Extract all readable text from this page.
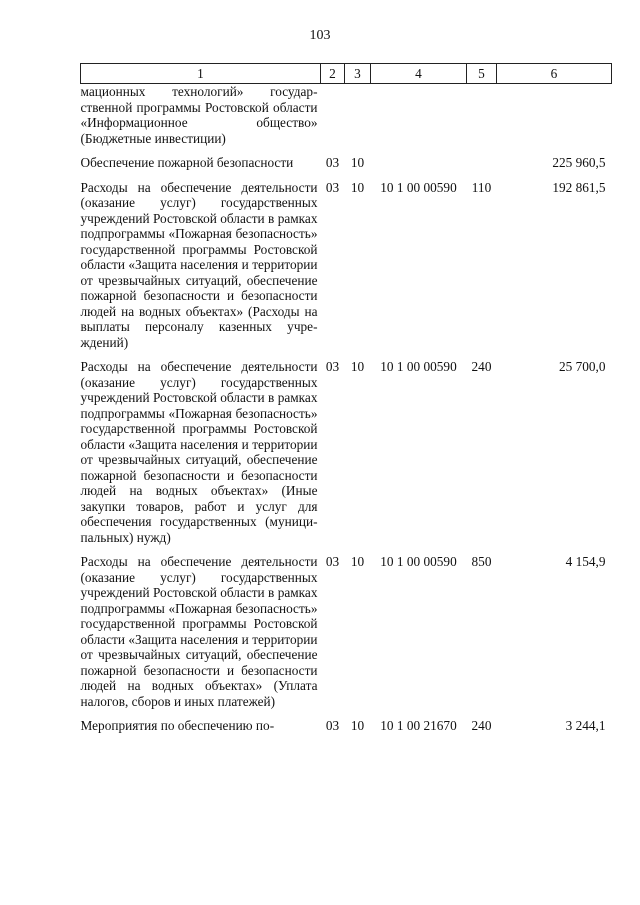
103
1	2	3	4	5	6
мационных технологий» государственной программы Ростовской области «Информационное общество» (Бюджетные инвестиции)					
Обеспечение пожарной безопасности	03	10			225 960,5
Расходы на обеспечение деятельности (оказание услуг) государственных учреждений Ростовской области в рамках подпрограммы «Пожарная безопасность» государственной программы Ростовской области «Защита населения и территории от чрезвычайных ситуаций, обеспечение пожарной безопасности и безопасности людей на водных объектах» (Расходы на выплаты персоналу казенных учреждений)	03	10	10 1 00 00590	110	192 861,5
Расходы на обеспечение деятельности (оказание услуг) государственных учреждений Ростовской области в рамках подпрограммы «Пожарная безопасность» государственной программы Ростовской области «Защита населения и территории от чрезвычайных ситуаций, обеспечение пожарной безопасности и безопасности людей на водных объектах» (Иные закупки товаров, работ и услуг для обеспечения государственных (муниципальных) нужд)	03	10	10 1 00 00590	240	25 700,0
Расходы на обеспечение деятельности (оказание услуг) государственных учреждений Ростовской области в рамках подпрограммы «Пожарная безопасность» государственной программы Ростовской области «Защита населения и территории от чрезвычайных ситуаций, обеспечение пожарной безопасности и безопасности людей на водных объектах» (Уплата налогов, сборов и иных платежей)	03	10	10 1 00 00590	850	4 154,9
Мероприятия по обеспечению по-	03	10	10 1 00 21670	240	3 244,1
